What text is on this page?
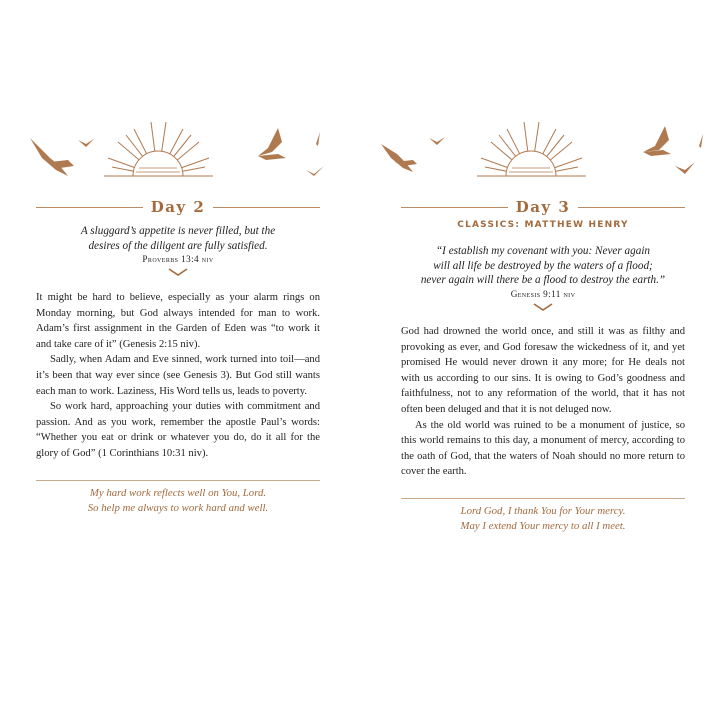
Day 2
A sluggard’s appetite is never filled, but the
desires of the diligent are fully satisfied.
Proverbs 13:4 niv

It might be hard to believe, especially as your alarm rings on Monday morning, but God always intended for man to work. Adam’s first assignment in the Garden of Eden was “to work it and take care of it” (Genesis 2:15 niv).

Sadly, when Adam and Eve sinned, work turned into toil—and it’s been that way ever since (see Genesis 3). But God still wants each man to work. Laziness, His Word tells us, leads to poverty.

So work hard, approaching your duties with commitment and passion. And as you work, remember the apostle Paul’s words: “Whether you eat or drink or whatever you do, do it all for the glory of God” (1 Corinthians 10:31 niv).

My hard work reflects well on You, Lord.
So help me always to work hard and well.
Day 3
CLASSICS: MATTHEW HENRY
“I establish my covenant with you: Never again
will all life be destroyed by the waters of a flood;
never again will there be a flood to destroy the earth.”
Genesis 9:11 niv

God had drowned the world once, and still it was as filthy and provoking as ever, and God foresaw the wickedness of it, and yet promised He would never drown it any more; for He deals not with us according to our sins. It is owing to God’s goodness and faithfulness, not to any reformation of the world, that it has not often been deluged and that it is not deluged now.

As the old world was ruined to be a monument of justice, so this world remains to this day, a monument of mercy, according to the oath of God, that the waters of Noah should no more return to cover the earth.

Lord God, I thank You for Your mercy.
May I extend Your mercy to all I meet.
